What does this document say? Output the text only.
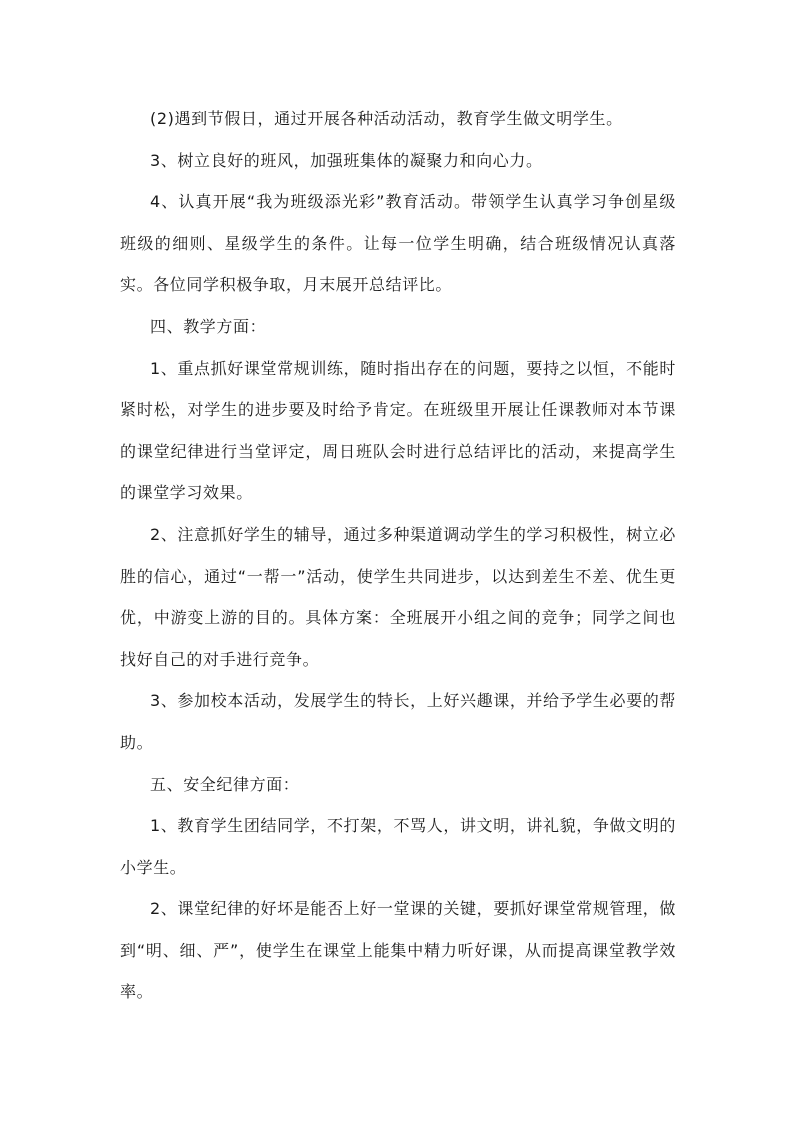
(2)遇到节假日，通过开展各种活动活动，教育学生做文明学生。

3、树立良好的班风，加强班集体的凝聚力和向心力。

4、认真开展“我为班级添光彩”教育活动。带领学生认真学习争创星级班级的细则、星级学生的条件。让每一位学生明确，结合班级情况认真落实。各位同学积极争取，月末展开总结评比。

四、教学方面：

1、重点抓好课堂常规训练，随时指出存在的问题，要持之以恒，不能时紧时松，对学生的进步要及时给予肯定。在班级里开展让任课教师对本节课的课堂纪律进行当堂评定，周日班队会时进行总结评比的活动，来提高学生的课堂学习效果。

2、注意抓好学生的辅导，通过多种渠道调动学生的学习积极性，树立必胜的信心，通过“一帮一”活动，使学生共同进步，以达到差生不差、优生更优，中游变上游的目的。具体方案：全班展开小组之间的竞争；同学之间也找好自己的对手进行竞争。

3、参加校本活动，发展学生的特长，上好兴趣课，并给予学生必要的帮助。

五、安全纪律方面：

1、教育学生团结同学，不打架，不骂人，讲文明，讲礼貌，争做文明的小学生。

2、课堂纪律的好坏是能否上好一堂课的关键，要抓好课堂常规管理，做到“明、细、严”，使学生在课堂上能集中精力听好课，从而提高课堂教学效率。
